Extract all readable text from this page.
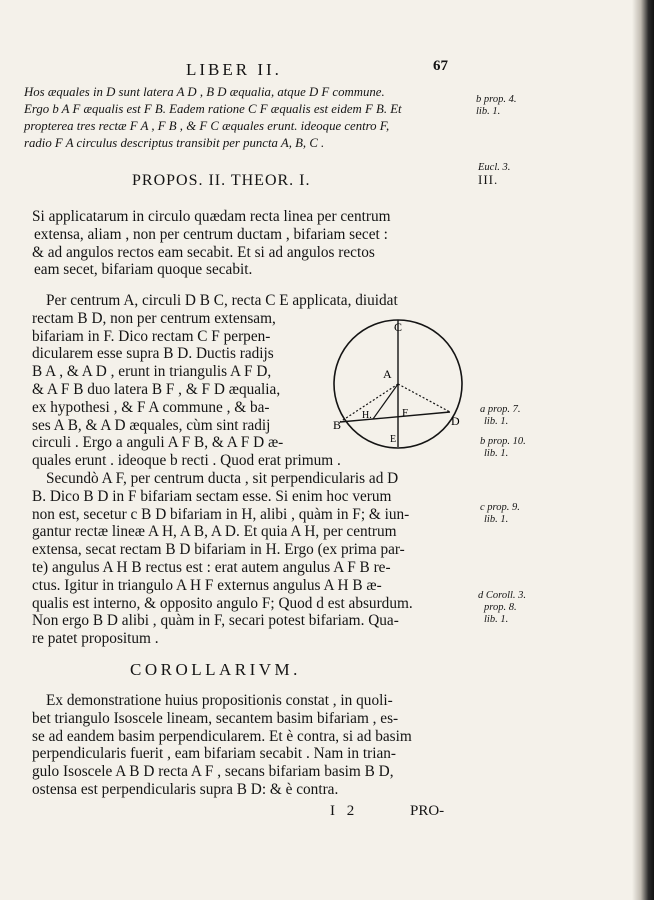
LIBER II.	67
Hos æquales in D sunt latera A D , B D æqualia, atque D F commune.
Ergo b A F æqualis est F B. Eadem ratione C F æqualis est eidem F B. Et
propterea tres rectæ F A , F B , & F C æquales erunt. ideoque centro F,
radio F A circulus descriptus transibit per puncta A, B, C .
PROPOS. II. THEOR. I.
Si applicatarum in circulo quædam recta linea per centrum
extensa, aliam , non per centrum ductam , bifariam secet :
& ad angulos rectos eam secabit. Et si ad angulos rectos
eam secet, bifariam quoque secabit.
Per centrum A, circuli D B C, recta C E applicata, diuidat
rectam B D, non per centrum extensam,
bifariam in F. Dico rectam C F perpen-
dicularem esse supra B D. Ductis radijs
B A , & A D , erunt in triangulis A F D,
& A F B duo latera B F , & F D æqualia,
ex hypothesi , & F A commune , & ba-
ses A B, & A D æquales, cùm sint radij
circuli . Ergo a anguli A F B, & A F D æ-
quales erunt . ideoque b recti . Quod erat primum .
Secundò A F, per centrum ducta , sit perpendicularis ad D
B. Dico B D in F bifariam sectam esse. Si enim hoc verum
non est, secetur c B D bifariam in H, alibi , quàm in F; & iun-
gantur rectæ lineæ A H, A B, A D. Et quia A H, per centrum
extensa, secat rectam B D bifariam in H. Ergo (ex prima par-
te) angulus A H B rectus est : erat autem angulus A F B re-
ctus. Igitur in triangulo A H F externus angulus A H B æ-
qualis est interno, & opposito angulo F; Quod d est absurdum.
Non ergo B D alibi , quàm in F, secari potest bifariam. Qua-
re patet propositum .
C
A
B	D
F
H.
E
COROLLARIVM.
Ex demonstratione huius propositionis constat , in quoli-
bet triangulo Isoscele lineam, secantem basim bifariam , es-
se ad eandem basim perpendicularem. Et è contra, si ad basim
perpendicularis fuerit , eam bifariam secabit . Nam in trian-
gulo Isoscele A B D recta A F , secans bifariam basim B D,
ostensa est perpendicularis supra B D: & è contra.
b prop. 4.
lib. 1.
Eucl. 3.
III.
a prop. 7.
lib. 1.
b prop. 10.
lib. 1.
c prop. 9.
lib. 1.
d Coroll. 3.
prop. 8.
lib. 1.
I 2	PRO-
